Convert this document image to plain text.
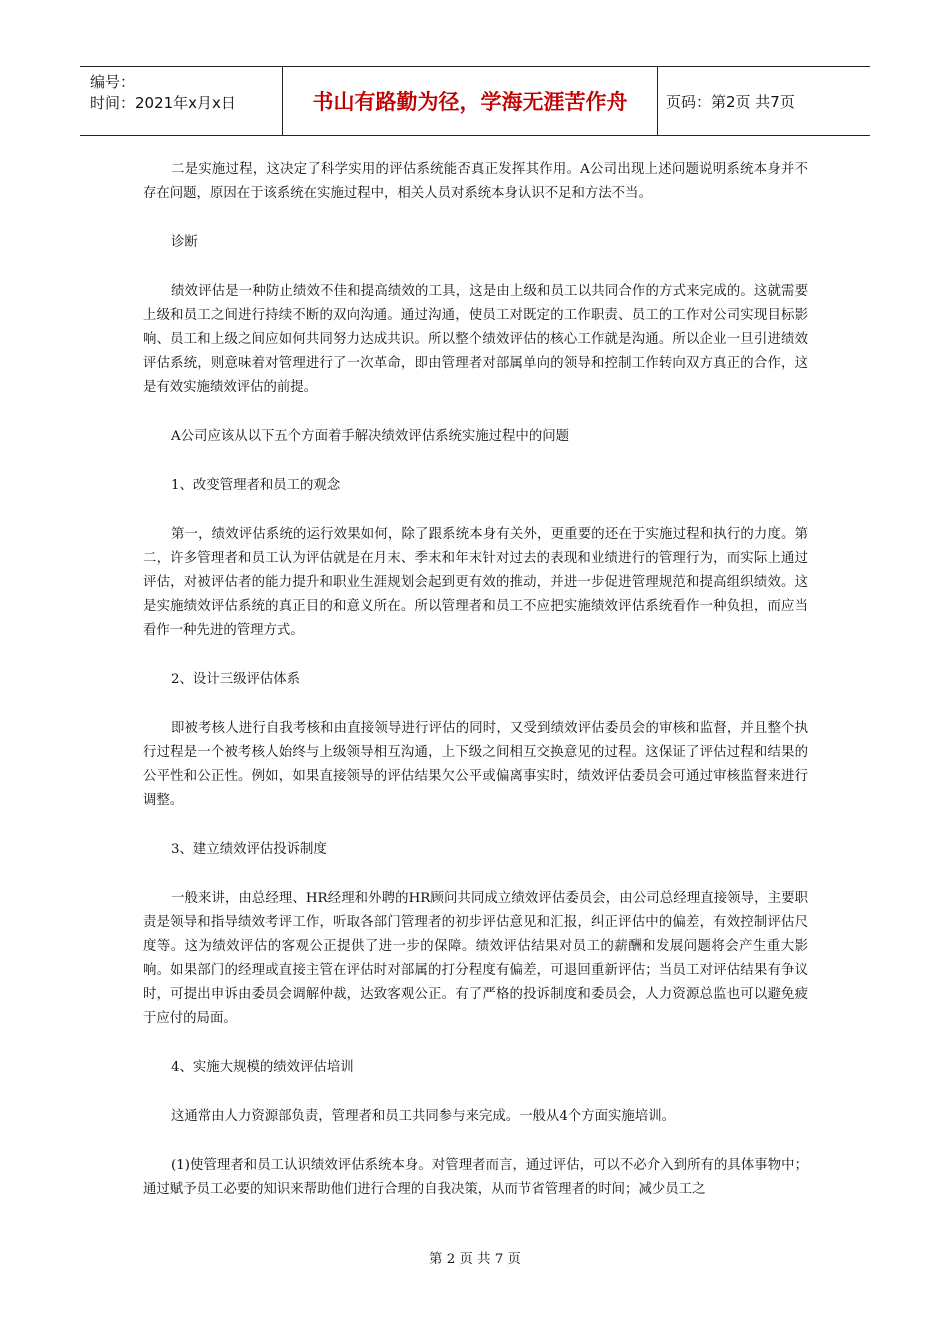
编号：
时间：2021年x月x日	书山有路勤为径，学海无涯苦作舟	页码：第2页 共7页

二是实施过程，这决定了科学实用的评估系统能否真正发挥其作用。A公司出现上述问题说明系统本身并不存在问题，原因在于该系统在实施过程中，相关人员对系统本身认识不足和方法不当。

诊断

绩效评估是一种防止绩效不佳和提高绩效的工具，这是由上级和员工以共同合作的方式来完成的。这就需要上级和员工之间进行持续不断的双向沟通。通过沟通，使员工对既定的工作职责、员工的工作对公司实现目标影响、员工和上级之间应如何共同努力达成共识。所以整个绩效评估的核心工作就是沟通。所以企业一旦引进绩效评估系统，则意味着对管理进行了一次革命，即由管理者对部属单向的领导和控制工作转向双方真正的合作，这是有效实施绩效评估的前提。

A公司应该从以下五个方面着手解决绩效评估系统实施过程中的问题

1、改变管理者和员工的观念

第一，绩效评估系统的运行效果如何，除了跟系统本身有关外，更重要的还在于实施过程和执行的力度。第二，许多管理者和员工认为评估就是在月末、季末和年末针对过去的表现和业绩进行的管理行为，而实际上通过评估，对被评估者的能力提升和职业生涯规划会起到更有效的推动，并进一步促进管理规范和提高组织绩效。这是实施绩效评估系统的真正目的和意义所在。所以管理者和员工不应把实施绩效评估系统看作一种负担，而应当看作一种先进的管理方式。

2、设计三级评估体系

即被考核人进行自我考核和由直接领导进行评估的同时，又受到绩效评估委员会的审核和监督，并且整个执行过程是一个被考核人始终与上级领导相互沟通，上下级之间相互交换意见的过程。这保证了评估过程和结果的公平性和公正性。例如，如果直接领导的评估结果欠公平或偏离事实时，绩效评估委员会可通过审核监督来进行调整。

3、建立绩效评估投诉制度

一般来讲，由总经理、HR经理和外聘的HR顾问共同成立绩效评估委员会，由公司总经理直接领导，主要职责是领导和指导绩效考评工作，听取各部门管理者的初步评估意见和汇报，纠正评估中的偏差，有效控制评估尺度等。这为绩效评估的客观公正提供了进一步的保障。绩效评估结果对员工的薪酬和发展问题将会产生重大影响。如果部门的经理或直接主管在评估时对部属的打分程度有偏差，可退回重新评估；当员工对评估结果有争议时，可提出申诉由委员会调解仲裁，达致客观公正。有了严格的投诉制度和委员会，人力资源总监也可以避免疲于应付的局面。

4、实施大规模的绩效评估培训

这通常由人力资源部负责，管理者和员工共同参与来完成。一般从4个方面实施培训。

(1)使管理者和员工认识绩效评估系统本身。对管理者而言，通过评估，可以不必介入到所有的具体事物中；通过赋予员工必要的知识来帮助他们进行合理的自我决策，从而节省管理者的时间；减少员工之

第 2 页 共 7 页
